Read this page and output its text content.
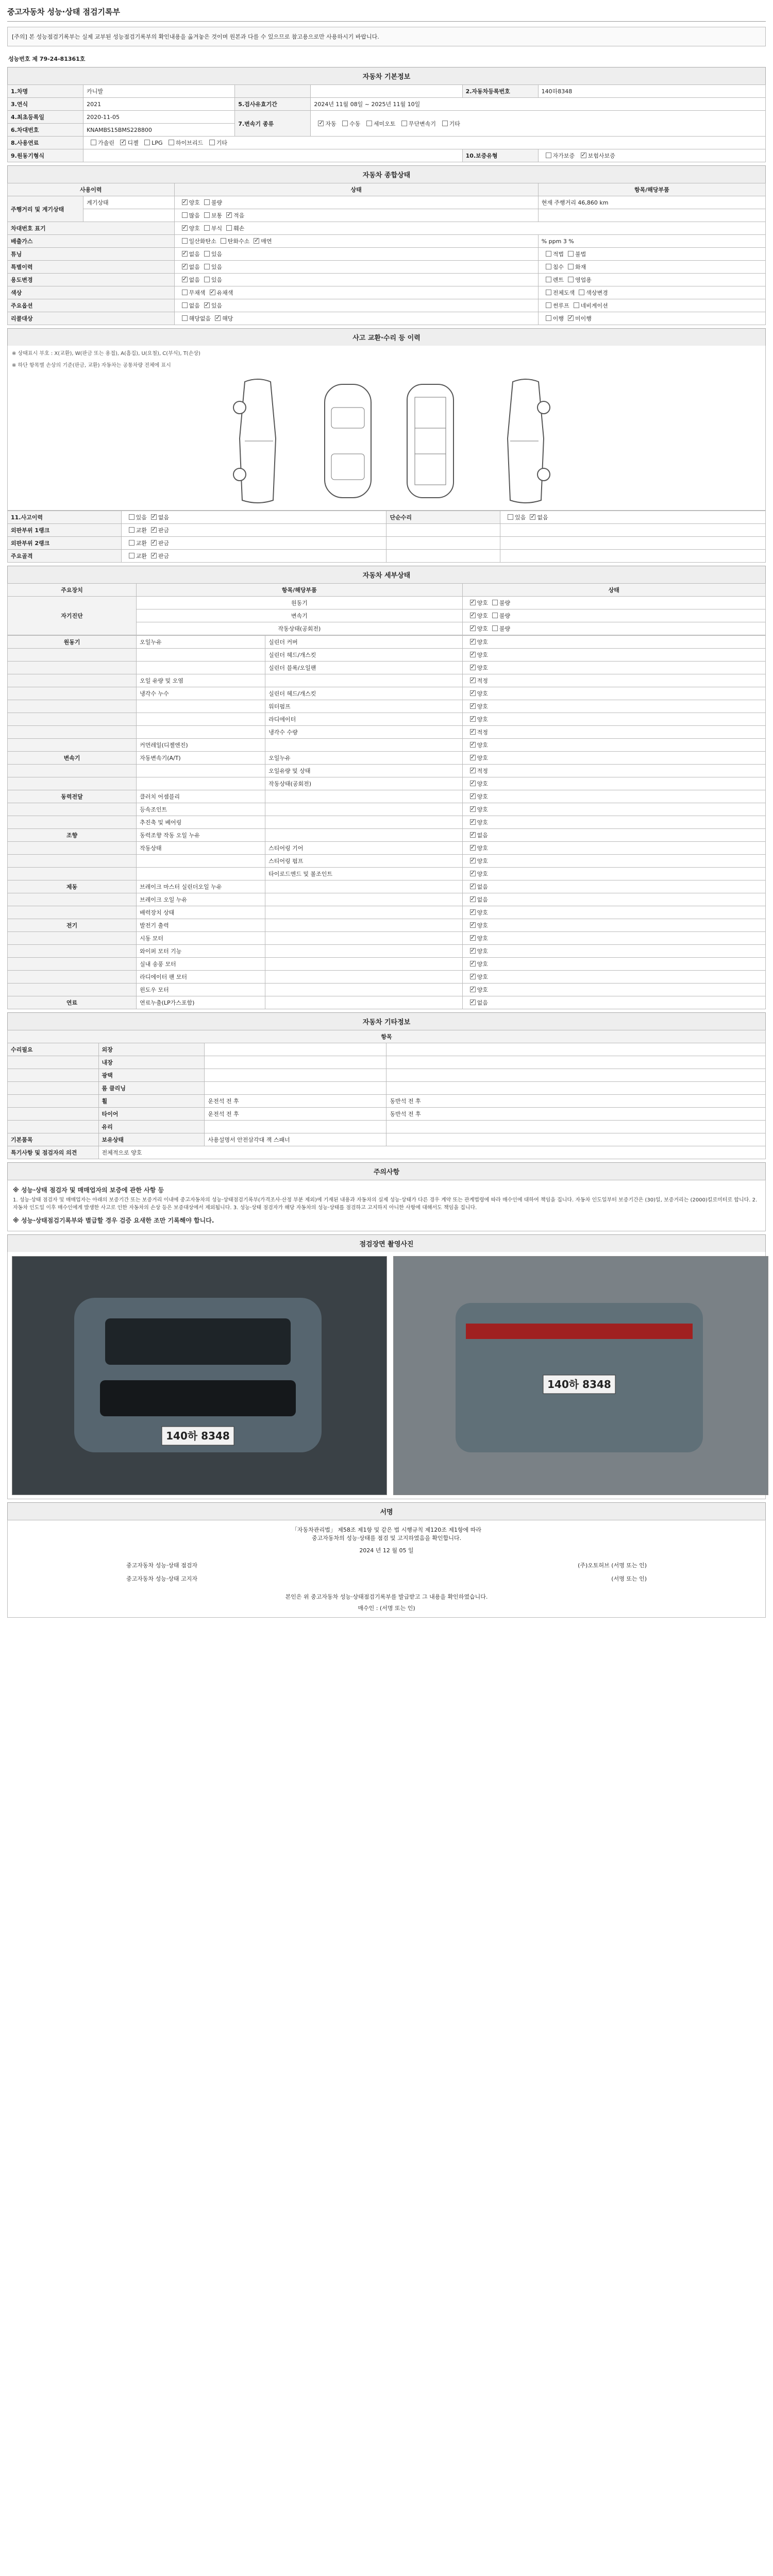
중고자동차 성능·상태 점검기록부
[주의] 본 성능점검기록부는 실제 교부된 성능점검기록부의 확인내용을 옮겨놓은 것이며 원본과 다를 수 있으므로 참고용으로만 사용하시기 바랍니다.
성능번호 제 79-24-81361호
자동차 기본정보
1.차명	카니발			2.자동차등록번호	140하8348
3.연식	2021	5.검사유효기간	2024년 11월 08일 ~ 2025년 11월 10일		
4.최초등록일	2020-11-05	7.변속기 종류	✓자동 수동 세미오토 무단변속기 기타
6.차대번호	KNAMBS15BMS228800				
8.사용연료	가솔린 ✓ 디젤 LPG 하이브리드 기타
9.원동기형식				10.보증유형	자가보증 ✓ 보험사보증
자동차 종합상태
사용이력		상태	항목/해당부품
주행거리 및 계기상태	계기상태	✓양호 불량	현재 주행거리 46,860 km
		많음 보통 ✓ 적음	
차대번호 표기	✓양호 부식 훼손
배출가스		일산화탄소 탄화수소 ✓ 매연	% ppm 3 %
튜닝	✓없음 있음	적법 불법
특별이력	✓없음 있음	침수 화재
용도변경	✓없음 있음	렌트 영업용
색상		무채색 ✓ 유채색	전체도색 색상변경
주요옵션		없음 ✓ 있음	썬루프 네비게이션
리콜대상		해당없음 ✓ 해당	이행 ✓ 미이행
사고 교환·수리 등 이력
※ 상태표시 부호 : X(교환), W(판금 또는 용접), A(흠집), U(요철), C(부식), T(손상)
※ 하단 항목별 손상의 기준(판금, 교환) 자동차는 공통차량 전체에 표시
11.사고이력	있음 ✓ 없음	단순수리	있음 ✓ 없음
외판부위 1랭크	교환 ✓ 판금		
외판부위 2랭크	교환 ✓ 판금		
주요골격	교환 ✓ 판금		
자동차 세부상태
주요장치	항목/해당부품	상태
자기진단	원동기	✓양호 불량
	변속기	✓양호 불량
	작동상태(공회전)	✓양호 불량
원동기	오일누유	실린더 커버	✓양호
		실린더 헤드/개스킷	✓양호
		실린더 블록/오일팬	✓양호
	오일 유량 및 오염		✓적정
	냉각수 누수	실린더 헤드/개스킷	✓양호
		워터펌프	✓양호
		라디에이터	✓양호
		냉각수 수량	✓적정
	커먼레일(디젤엔진)		✓양호
변속기	자동변속기(A/T)	오일누유	✓양호
		오일유량 및 상태	✓적정
		작동상태(공회전)	✓양호
동력전달	클러치 어셈블리		✓양호
	등속조인트		✓양호
	추진축 및 베어링		✓양호
조향	동력조향 작동 오일 누유		✓없음
	작동상태	스티어링 기어	✓양호
		스티어링 펌프	✓양호
		타이로드엔드 및 볼조인트	✓양호
제동	브레이크 마스터 실린더오일 누유		✓없음
	브레이크 오일 누유		✓없음
	배력장치 상태		✓양호
전기	발전기 출력		✓양호
	시동 모터		✓양호
	와이퍼 모터 기능		✓양호
	실내 송풍 모터		✓양호
	라디에이터 팬 모터		✓양호
	윈도우 모터		✓양호
연료	연료누출(LP가스포함)		✓없음
자동차 기타정보
항목			
수리필요	외장		
	내장		
	광택		
	룸 클리닝		
	휠	운전석 전 후	동반석 전 후
	타이어	운전석 전 후	동반석 전 후
	유리		
기본품목	보유상태	사용설명서 안전삼각대 잭 스패너	
특기사항 및 점검자의 의견	전체적으로 양호		
주의사항
※ 성능·상태 점검자 및 매매업자의 보증에 관한 사항 등
1. 성능·상태 점검자 및 매매업자는 아래의 보증기간 또는 보증거리 이내에 중고자동차의 성능·상태점검기록부(가격조사·산정 부분 제외)에 기재된 내용과 자동차의 실제 성능·상태가 다른 경우 계약 또는 관계법령에 따라 매수인에 대하여 책임을 집니다. 자동차 인도일부터 보증기간은 (30)일, 보증거리는 (2000)킬로미터로 합니다. 2. 자동차 인도일 이후 매수인에게 발생한 사고로 인한 자동차의 손상 등은 보증대상에서 제외됩니다. 3. 성능·상태 점검자가 해당 자동차의 성능·상태를 점검하고 고지하지 아니한 사항에 대해서도 책임을 집니다.
※ 성능·상태점검기록부와 별급할 경우 검증 요새한 조만 기록해야 합니다.
점검장면 촬영사진
140하 8348
140하 8348
서명
「자동차관리법」 제58조 제1항 및 같은 법 시행규칙 제120조 제1항에 따라
중고자동차의 성능·상태를 점검 및 고지하였음을 확인합니다.
2024 년 12 월 05 일
중고자동차 성능·상태 점검자	(주)오토허브 (서명 또는 인)
중고자동차 성능·상태 고지자	(서명 또는 인)
본인은 위 중고자동차 성능·상태점검기록부를 발급받고 그 내용을 확인하였습니다.
매수인 : (서명 또는 인)
